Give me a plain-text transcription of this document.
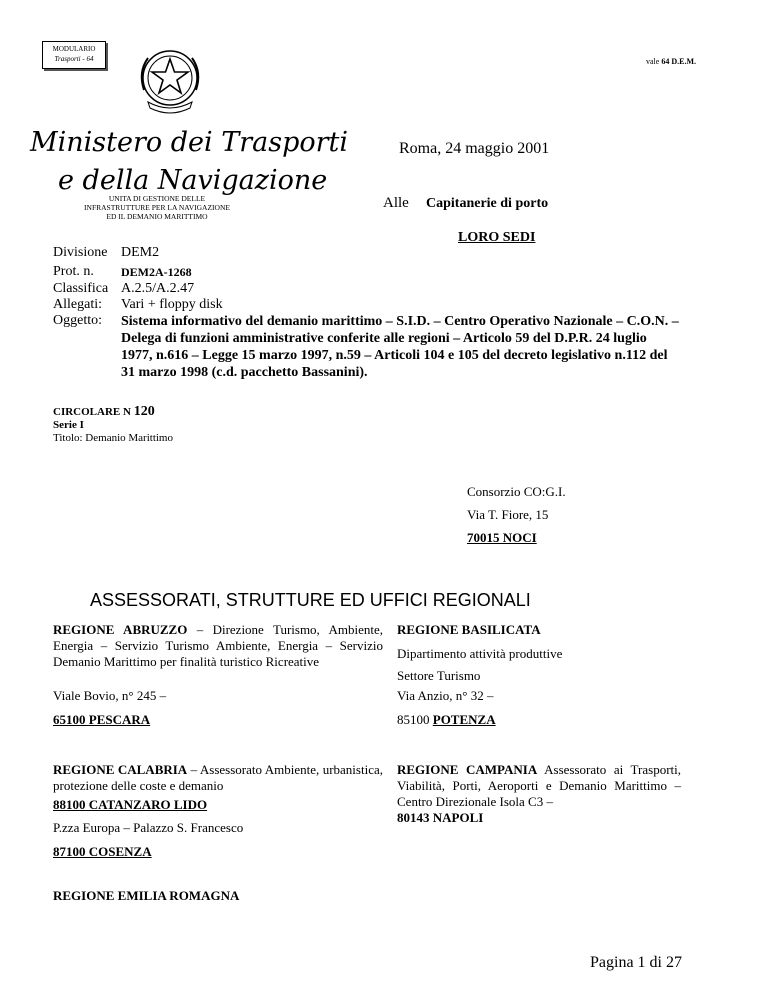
MODULARIO
Trasporti - 64	vale 64 D.E.M.
Ministero dei Trasporti
e della Navigazione
UNITA DI GESTIONE DELLE
INFRASTRUTTURE PER LA NAVIGAZIONE
ED IL DEMANIO MARITTIMO
Roma, 24 maggio 2001
Alle Capitanerie di porto
LORO SEDI
Divisione DEM2
Prot. n. DEM2A-1268
Classifica A.2.5/A.2.47
Allegati: Vari + floppy disk
Oggetto: Sistema informativo del demanio marittimo – S.I.D. – Centro Operativo Nazionale – C.O.N. – Delega di funzioni amministrative conferite alle regioni – Articolo 59 del D.P.R. 24 luglio 1977, n.616 – Legge 15 marzo 1997, n.59 – Articoli 104 e 105 del decreto legislativo n.112 del 31 marzo 1998 (c.d. pacchetto Bassanini).
CIRCOLARE N 120
Serie I
Titolo: Demanio Marittimo
Consorzio CO:G.I.
Via T. Fiore, 15
70015 NOCI
ASSESSORATI, STRUTTURE ED UFFICI REGIONALI
REGIONE ABRUZZO – Direzione Turismo, Ambiente, Energia – Servizio Turismo Ambiente, Energia – Servizio Demanio Marittimo per finalità turistico Ricreative
Viale Bovio, n° 245 –
65100 PESCARA
REGIONE BASILICATA
Dipartimento attività produttive
Settore Turismo
Via Anzio, n° 32 –
85100 POTENZA
REGIONE CALABRIA – Assessorato Ambiente, urbanistica, protezione delle coste e demanio
88100 CATANZARO LIDO
P.zza Europa – Palazzo S. Francesco
87100 COSENZA
REGIONE CAMPANIA Assessorato ai Trasporti, Viabilità, Porti, Aeroporti e Demanio Marittimo – Centro Direzionale Isola C3 –
80143 NAPOLI
REGIONE EMILIA ROMAGNA
Pagina 1 di 27
